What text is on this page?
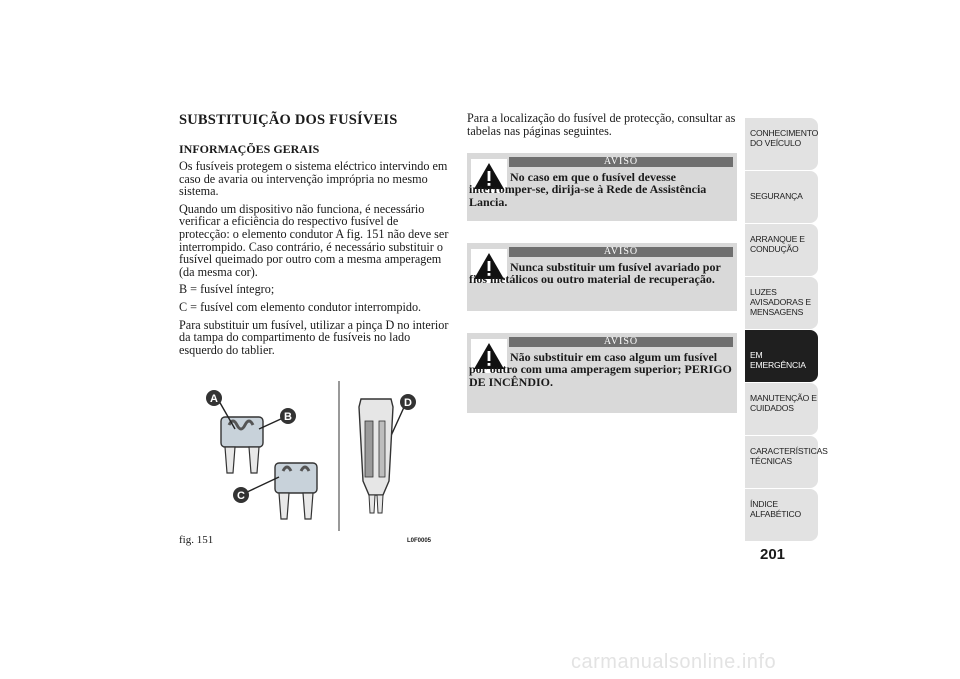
SUBSTITUIÇÃO DOS FUSÍVEIS
INFORMAÇÕES GERAIS

Os fusíveis protegem o sistema eléctrico intervindo em caso de avaria ou intervenção imprópria no mesmo sistema.

Quando um dispositivo não funciona, é necessário verificar a eficiência do respectivo fusível de protecção: o elemento condutor A fig. 151 não deve ser interrompido. Caso contrário, é necessário substituir o fusível queimado por outro com a mesma amperagem (da mesma cor).

B = fusível íntegro;

C = fusível com elemento condutor interrompido.

Para substituir um fusível, utilizar a pinça D no interior da tampa do compartimento de fusíveis no lado esquerdo do tablier.

A
B
C
D
fig. 151	L0F0005

Para a localização do fusível de protecção, consultar as tabelas nas páginas seguintes.

AVISO
No caso em que o fusível devesse interromper-se, dirija-se à Rede de Assistência Lancia.
AVISO
Nunca substituir um fusível avariado por fios metálicos ou outro material de recuperação.
AVISO
Não substituir em caso algum um fusível por outro com uma amperagem superior; PERIGO DE INCÊNDIO.
CONHECIMENTO
DO VEÍCULO
SEGURANÇA
ARRANQUE E
CONDUÇÃO
LUZES
AVISADORAS E
MENSAGENS
EM EMERGÊNCIA
MANUTENÇÃO E
CUIDADOS
CARACTERÍSTICAS
TÉCNICAS
ÍNDICE
ALFABÉTICO
201
carmanualsonline.info
